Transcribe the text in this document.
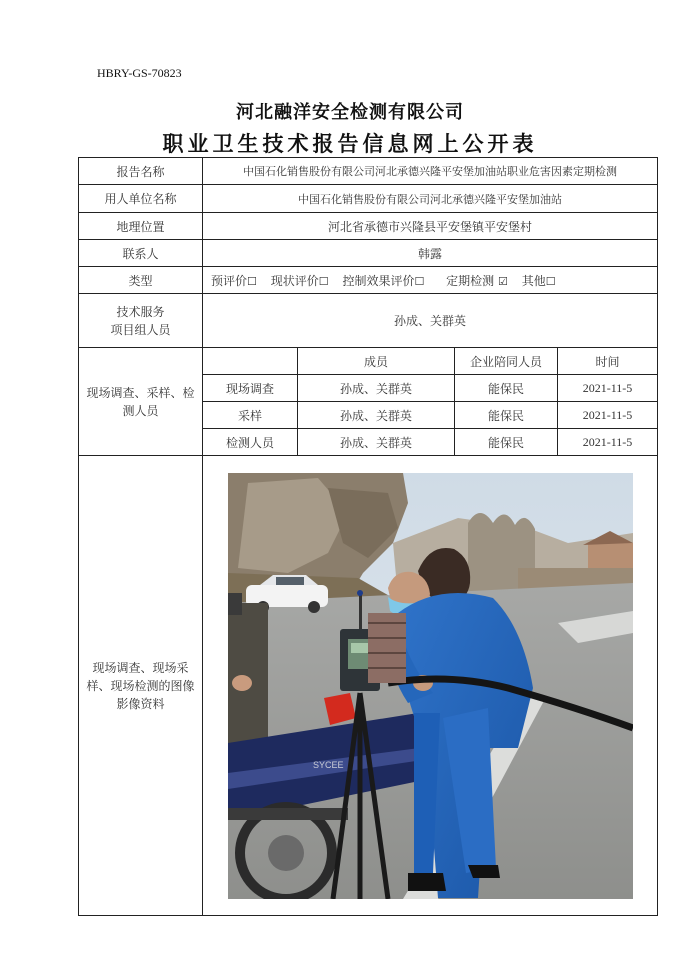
HBRY-GS-70823
河北融洋安全检测有限公司
职业卫生技术报告信息网上公开表
报告名称	中国石化销售股份有限公司河北承德兴隆平安堡加油站职业危害因素定期检测			
用人单位名称	中国石化销售股份有限公司河北承德兴隆平安堡加油站			
地理位置	河北省承德市兴隆县平安堡镇平安堡村			
联系人	韩露			
类型	预评价☐ 现状评价☐ 控制效果评价☐ 定期检测 ☑ 其他☐			
技术服务
项目组人员	孙成、关群英			
现场调查、采样、检测人员		成员	企业陪同人员	时间
	现场调查	孙成、关群英	能保民	2021-11-5
	采样	孙成、关群英	能保民	2021-11-5
	检测人员	孙成、关群英	能保民	2021-11-5
现场调查、现场采样、现场检测的图像影像资料	SYCEE			
